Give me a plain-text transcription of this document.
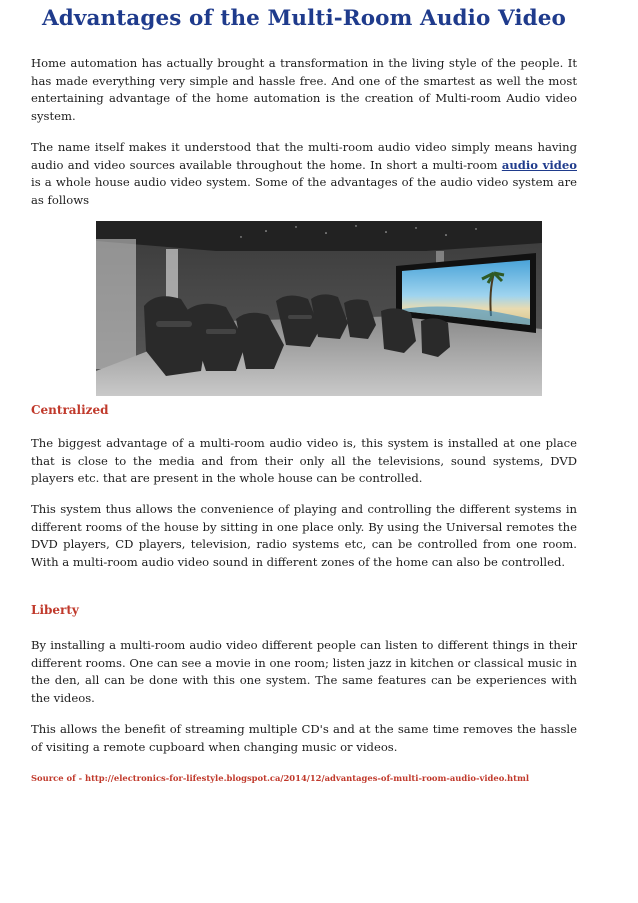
Advantages of the Multi-Room Audio Video

Home automation has actually brought a transformation in the living style of the people. It has made everything very simple and hassle free. And one of the smartest as well the most entertaining advantage of the home automation is the creation of Multi-room Audio video system.

The name itself makes it understood that the multi-room audio video simply means having audio and video sources available throughout the home. In short a multi-room audio video is a whole house audio video system. Some of the advantages of the audio video system are as follows

Centralized

The biggest advantage of a multi-room audio video is, this system is installed at one place that is close to the media and from their only all the televisions, sound systems, DVD players etc. that are present in the whole house can be controlled.

This system thus allows the convenience of playing and controlling the different systems in different rooms of the house by sitting in one place only. By using the Universal remotes the DVD players, CD players, television, radio systems etc, can be controlled from one room. With a multi-room audio video sound in different zones of the home can also be controlled.

Liberty

By installing a multi-room audio video different people can listen to different things in their different rooms. One can see a movie in one room; listen jazz in kitchen or classical music in the den, all can be done with this one system. The same features can be experiences with the videos.

This allows the benefit of streaming multiple CD's and at the same time removes the hassle of visiting a remote cupboard when changing music or videos.

Source of - http://electronics-for-lifestyle.blogspot.ca/2014/12/advantages-of-multi-room-audio-video.html
